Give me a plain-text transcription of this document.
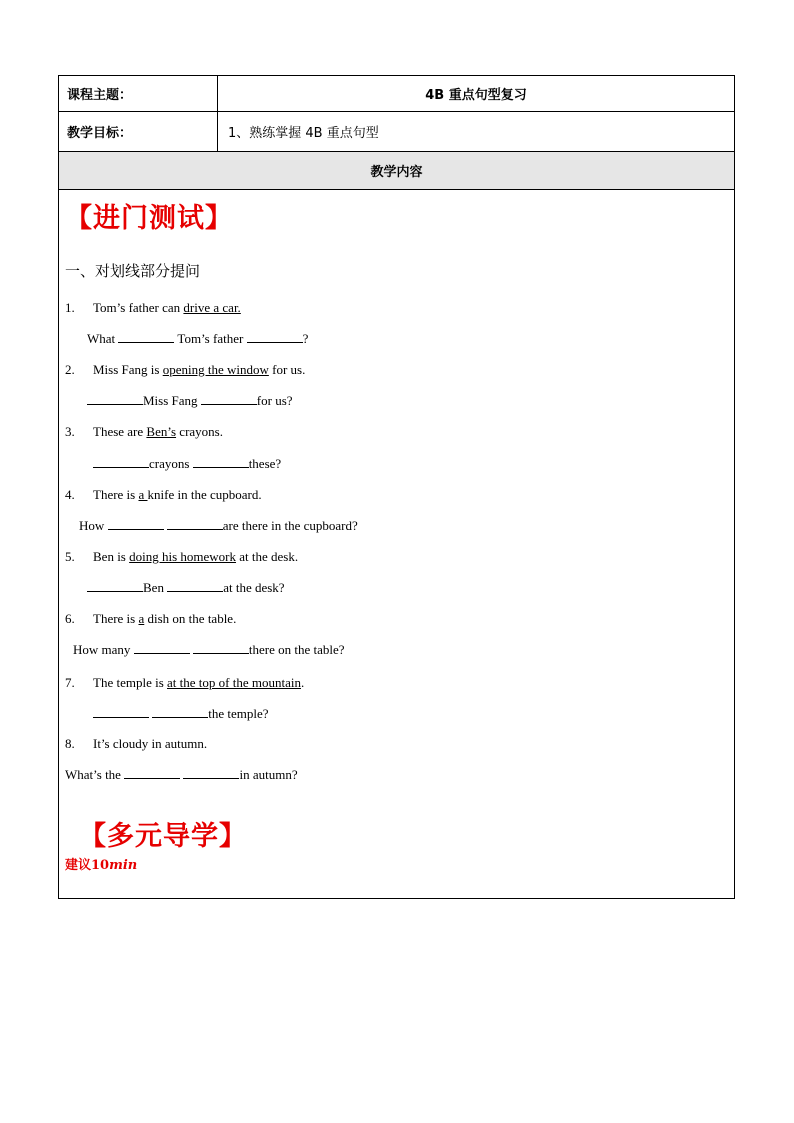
课程主题：	4B 重点句型复习
教学目标：	1、熟练掌握 4B 重点句型
教学内容
【进门测试】
一、对划线部分提问
1. Tom’s father can drive a car.
What	Tom’s father	?
2. Miss Fang is opening the window for us.
Miss Fang	for us?
3. These are Ben’s crayons.
crayons	these?
4. There is a knife in the cupboard.
How	are there in the cupboard?
5. Ben is doing his homework at the desk.
Ben	at the desk?
6. There is a dish on the table.
How many	there on the table?
7. The temple is at the top of the mountain.
the temple?
8. It’s cloudy in autumn.
What’s the	in autumn?
【多元导学】
建议10min
